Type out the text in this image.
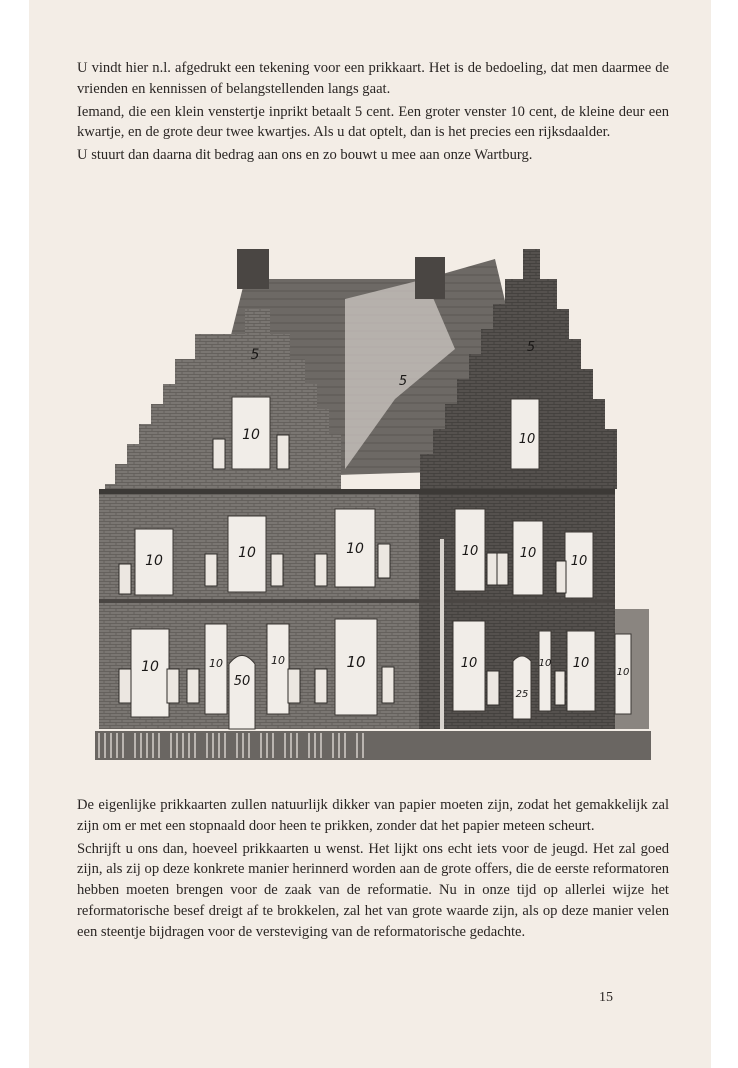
U vindt hier n.l. afgedrukt een tekening voor een prikkaart. Het is de bedoeling, dat men daarmee de vrienden en kennissen of belangstellenden langs gaat.

Iemand, die een klein venstertje inprikt betaalt 5 cent. Een groter venster 10 cent, de kleine deur een kwartje, en de grote deur twee kwartjes. Als u dat optelt, dan is het precies een rijksdaalder.

U stuurt dan daarna dit bedrag aan ons en zo bouwt u mee aan onze Wartburg.

5
5
5
10	10
10	10	10	10	10
10
10	10	10	10	10	10 10
10
50
25

De eigenlijke prikkaarten zullen natuurlijk dikker van papier moeten zijn, zodat het gemakkelijk zal zijn om er met een stopnaald door heen te prikken, zonder dat het papier meteen scheurt.

Schrijft u ons dan, hoeveel prikkaarten u wenst. Het lijkt ons echt iets voor de jeugd. Het zal goed zijn, als zij op deze konkrete manier herinnerd worden aan de grote offers, die de eerste reformatoren hebben moeten brengen voor de zaak van de reformatie. Nu in onze tijd op allerlei wijze het reformatorische besef dreigt af te brokkelen, zal het van grote waarde zijn, als op deze manier velen een steentje bijdragen voor de versteviging van de reformatorische gedachte.

15
